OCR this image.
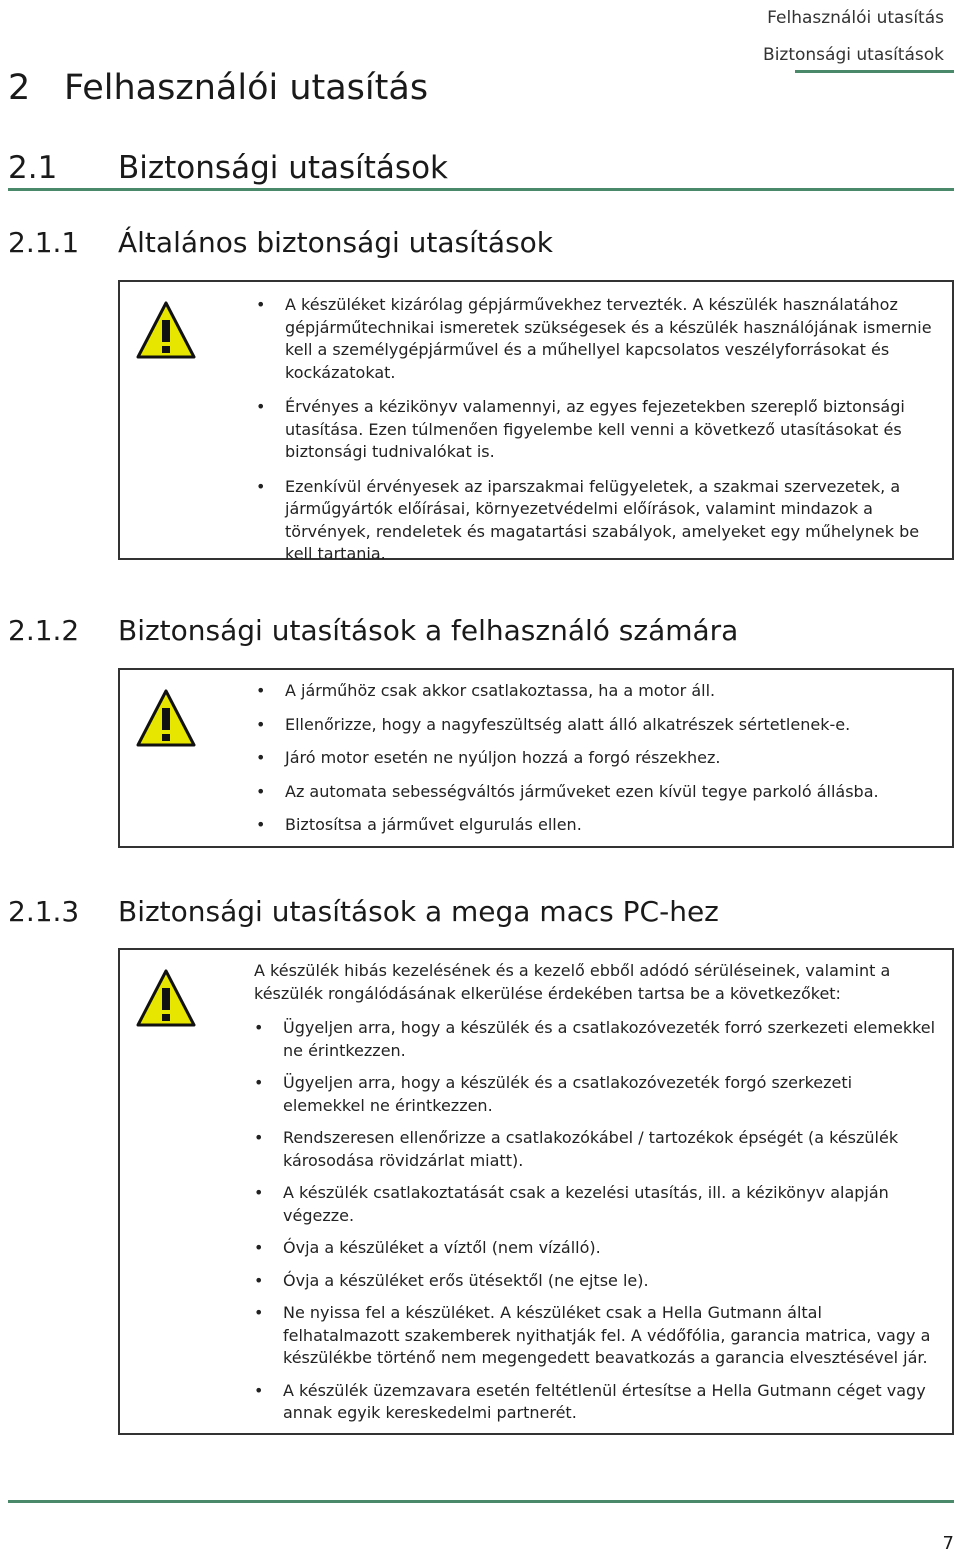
Felhasználói utasítás
Biztonsági utasítások
2 Felhasználói utasítás
2.1 Biztonsági utasítások
2.1.1 Általános biztonsági utasítások
• A készüléket kizárólag gépjárművekhez tervezték. A készülék használatához gépjárműtechnikai ismeretek szükségesek és a készülék használójának ismernie kell a személygépjárművel és a műhellyel kapcsolatos veszélyforrásokat és kockázatokat.
• Érvényes a kézikönyv valamennyi, az egyes fejezetekben szereplő biztonsági utasítása. Ezen túlmenően figyelembe kell venni a következő utasításokat és biztonsági tudnivalókat is.
• Ezenkívül érvényesek az iparszakmai felügyeletek, a szakmai szervezetek, a járműgyártók előírásai, környezetvédelmi előírások, valamint mindazok a törvények, rendeletek és magatartási szabályok, amelyeket egy műhelynek be kell tartania.
2.1.2 Biztonsági utasítások a felhasználó számára
• A járműhöz csak akkor csatlakoztassa, ha a motor áll.
• Ellenőrizze, hogy a nagyfeszültség alatt álló alkatrészek sértetlenek-e.
• Járó motor esetén ne nyúljon hozzá a forgó részekhez.
• Az automata sebességváltós járműveket ezen kívül tegye parkoló állásba.
• Biztosítsa a járművet elgurulás ellen.
2.1.3 Biztonsági utasítások a mega macs PC-hez
A készülék hibás kezelésének és a kezelő ebből adódó sérüléseinek, valamint a készülék rongálódásának elkerülése érdekében tartsa be a következőket:
• Ügyeljen arra, hogy a készülék és a csatlakozóvezeték forró szerkezeti elemekkel ne érintkezzen.
• Ügyeljen arra, hogy a készülék és a csatlakozóvezeték forgó szerkezeti elemekkel ne érintkezzen.
• Rendszeresen ellenőrizze a csatlakozókábel / tartozékok épségét (a készülék károsodása rövidzárlat miatt).
• A készülék csatlakoztatását csak a kezelési utasítás, ill. a kézikönyv alapján végezze.
• Óvja a készüléket a víztől (nem vízálló).
• Óvja a készüléket erős ütésektől (ne ejtse le).
• Ne nyissa fel a készüléket. A készüléket csak a Hella Gutmann által felhatalmazott szakemberek nyithatják fel. A védőfólia, garancia matrica, vagy a készülékbe történő nem megengedett beavatkozás a garancia elvesztésével jár.
• A készülék üzemzavara esetén feltétlenül értesítse a Hella Gutmann céget vagy annak egyik kereskedelmi partnerét.
7
